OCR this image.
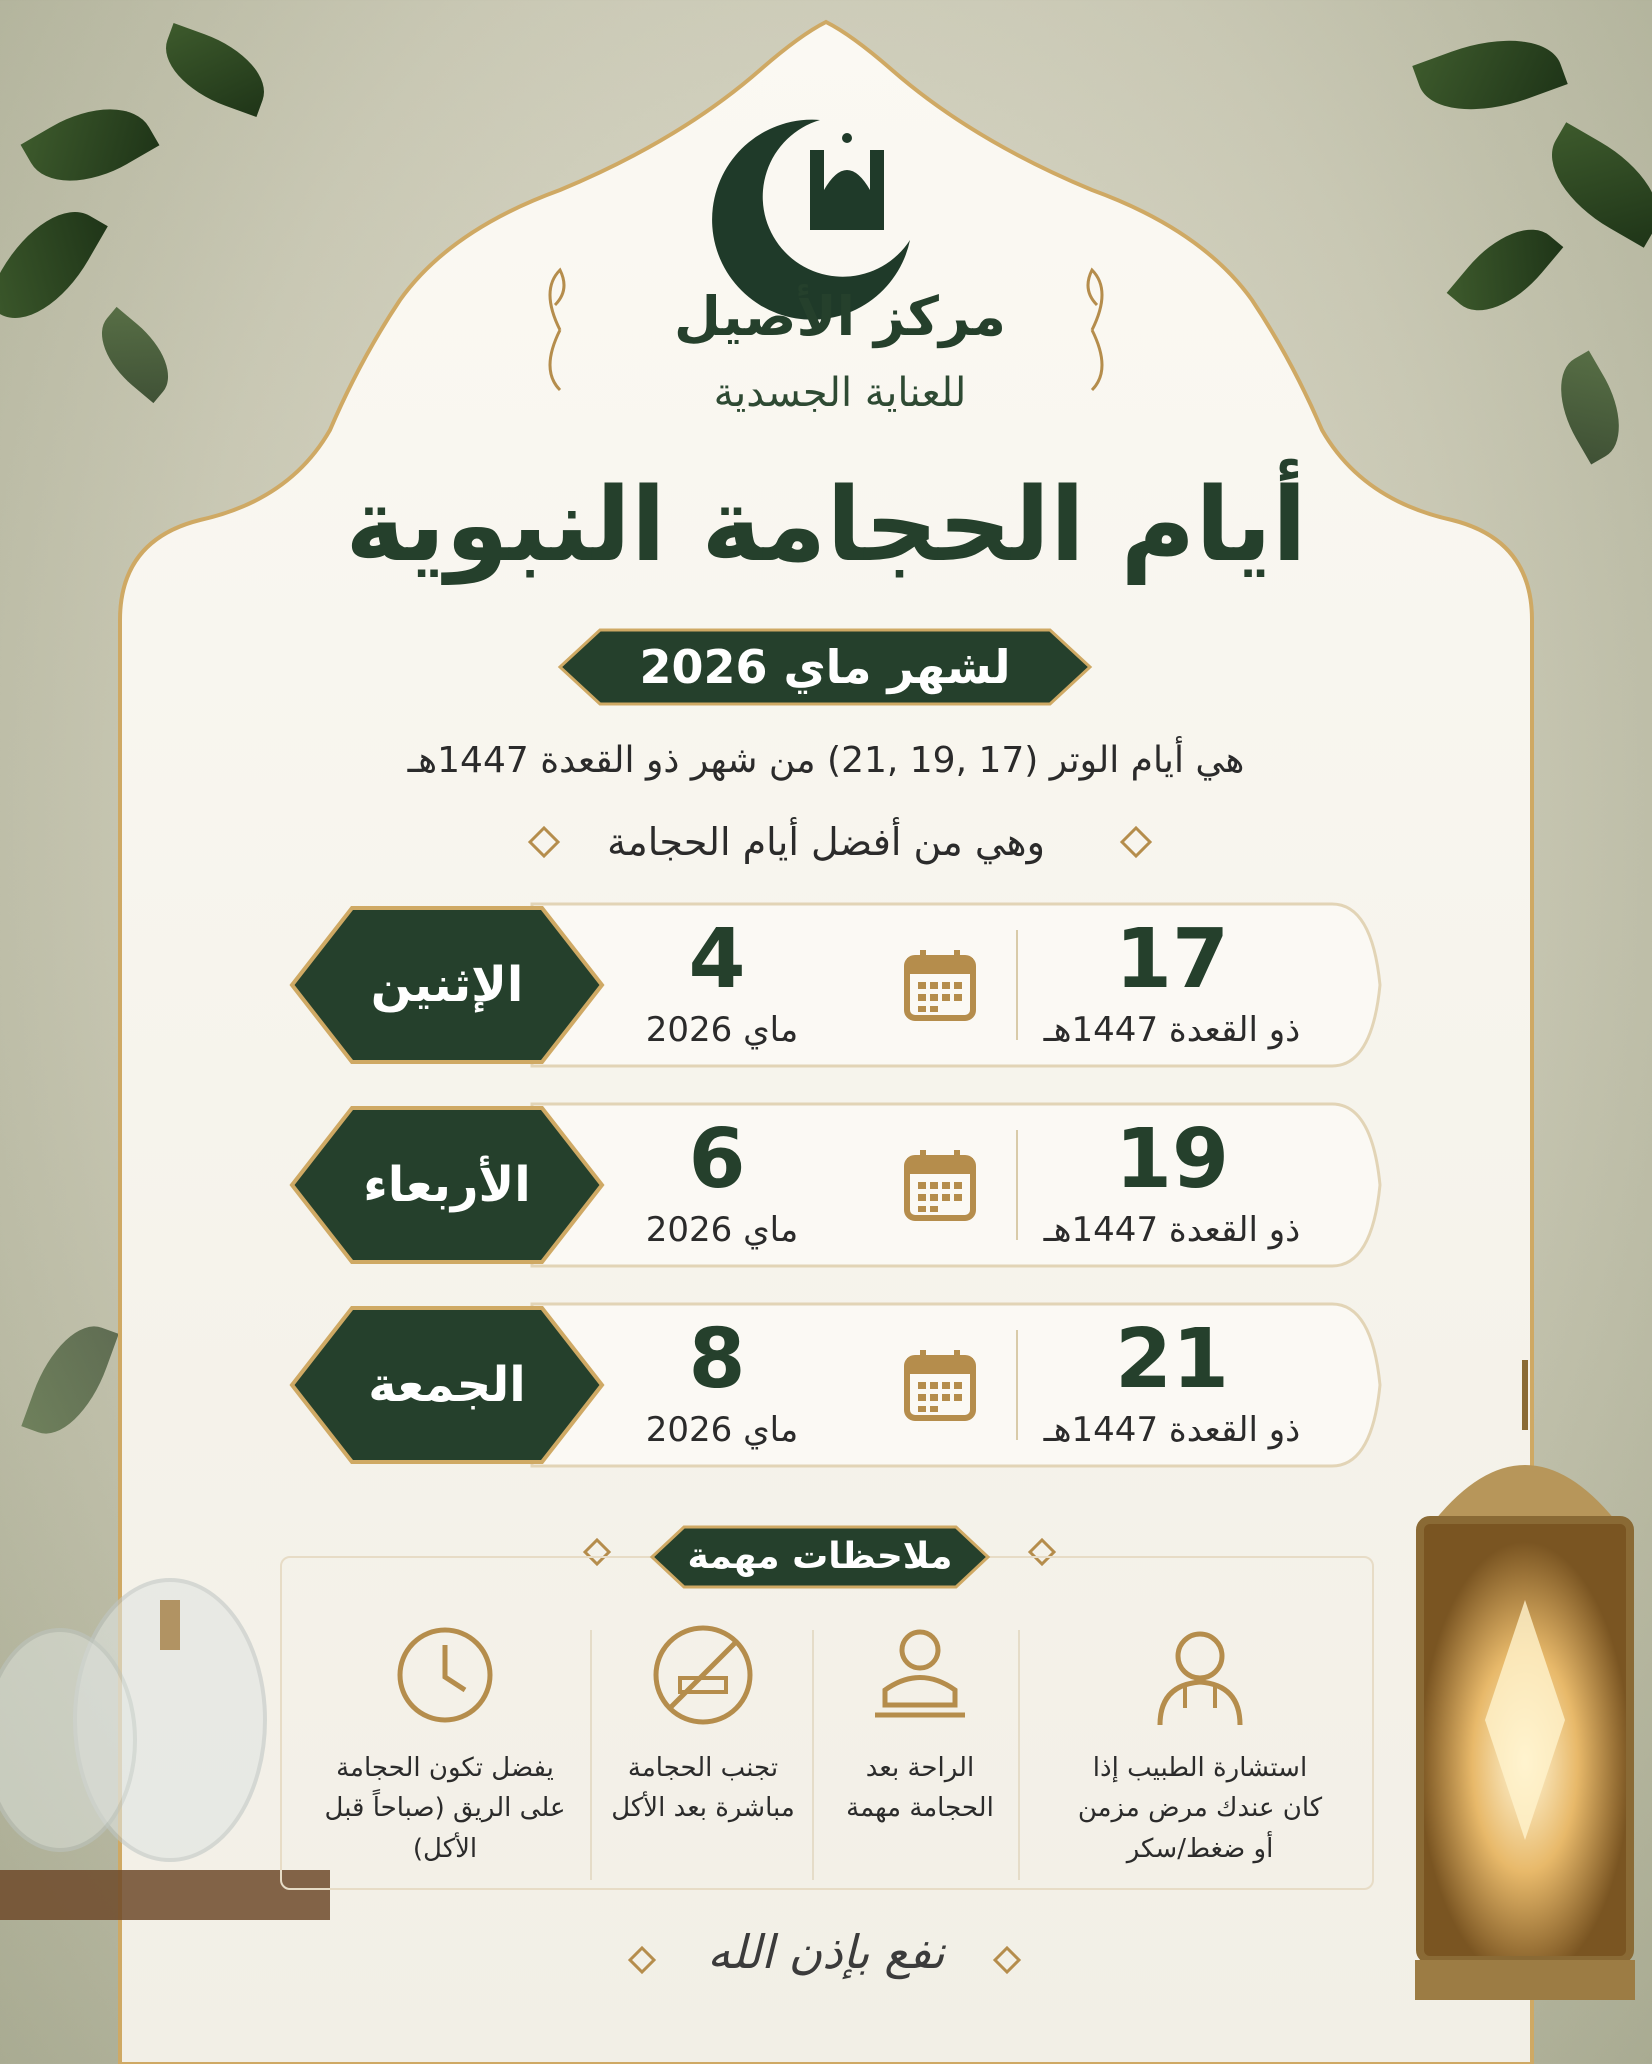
مركز الأصيل
للعناية الجسدية
أيام الحجامة النبوية
لشهر ماي 2026
هي أيام الوتر (17 ,19 ,21) من شهر ذو القعدة 1447هـ
وهي من أفضل أيام الحجامة
17
ذو القعدة 1447هـ
4
ماي 2026
الإثنين
19
ذو القعدة 1447هـ
6
ماي 2026
الأربعاء
21
ذو القعدة 1447هـ
8
ماي 2026
الجمعة
ملاحظات مهمة
استشارة الطبيب إذا كان عندك مرض مزمن أو ضغط/سكر
الراحة بعد الحجامة مهمة
تجنب الحجامة مباشرة بعد الأكل
يفضل تكون الحجامة على الريق (صباحاً قبل الأكل)
نفع بإذن الله
